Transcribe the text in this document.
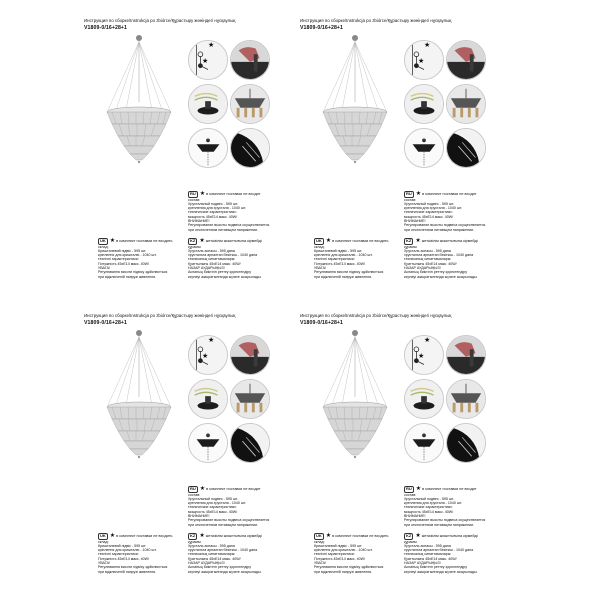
Инструкция по сборке/Instrukcja po zbiórce/Құрастыру жөніндегі нұсқаулық
V1809-0/16+28+1
★
★
RU ★в комплект поставки не входит
состав:
Хрустальный подвес - 595 шт.
крепления для хрусталя - 1040 шт.
технические характеристики:
мощность 45xE14 макс. 40W/
ВНИМАНИЕ!
Регулирование высоты подвеса осуществляется
при отключенном питающем напряжении.
UK ★в комплект поставки не входить
склад:
Кришталевий підвіс - 595 шт.
кріплення для кришталю - 1040 шт.
технічні характеристики:
Потужність 45xE14 макс. 40W/
УВАГА!
Регулювання висоти підвісу здійснюється
при відключеній напрузі живлення.
KZ ★жеткізілім жиынтығына кірмейді
құрамы:
Хрусталь аспасы - 595 дана
хрустальға арналған бекіткіш - 1040 дана
техникалық сипаттамалары:
Қуаттылығы 45xE14 макс. 40W/
НАЗАР АУДАРЫҢЫЗ!
Аспаның биіктігін реттеу қоректендіру
кернеуі ажыратылғанда жүзеге асырылады.
Инструкция по сборке/Instrukcja po zbiórce/Құрастыру жөніндегі нұсқаулық
V1809-0/16+28+1
★
★
RU ★в комплект поставки не входит
состав:
Хрустальный подвес - 595 шт.
крепления для хрусталя - 1040 шт.
технические характеристики:
мощность 45xE14 макс. 40W/
ВНИМАНИЕ!
Регулирование высоты подвеса осуществляется
при отключенном питающем напряжении.
UK ★в комплект поставки не входить
склад:
Кришталевий підвіс - 595 шт.
кріплення для кришталю - 1040 шт.
технічні характеристики:
Потужність 45xE14 макс. 40W/
УВАГА!
Регулювання висоти підвісу здійснюється
при відключеній напрузі живлення.
KZ ★жеткізілім жиынтығына кірмейді
құрамы:
Хрусталь аспасы - 595 дана
хрустальға арналған бекіткіш - 1040 дана
техникалық сипаттамалары:
Қуаттылығы 45xE14 макс. 40W/
НАЗАР АУДАРЫҢЫЗ!
Аспаның биіктігін реттеу қоректендіру
кернеуі ажыратылғанда жүзеге асырылады.
Инструкция по сборке/Instrukcja po zbiórce/Құрастыру жөніндегі нұсқаулық
V1809-0/16+28+1
★
★
RU ★в комплект поставки не входит
состав:
Хрустальный подвес - 595 шт.
крепления для хрусталя - 1040 шт.
технические характеристики:
мощность 45xE14 макс. 40W/
ВНИМАНИЕ!
Регулирование высоты подвеса осуществляется
при отключенном питающем напряжении.
UK ★в комплект поставки не входить
склад:
Кришталевий підвіс - 595 шт.
кріплення для кришталю - 1040 шт.
технічні характеристики:
Потужність 45xE14 макс. 40W/
УВАГА!
Регулювання висоти підвісу здійснюється
при відключеній напрузі живлення.
KZ ★жеткізілім жиынтығына кірмейді
құрамы:
Хрусталь аспасы - 595 дана
хрустальға арналған бекіткіш - 1040 дана
техникалық сипаттамалары:
Қуаттылығы 45xE14 макс. 40W/
НАЗАР АУДАРЫҢЫЗ!
Аспаның биіктігін реттеу қоректендіру
кернеуі ажыратылғанда жүзеге асырылады.
Инструкция по сборке/Instrukcja po zbiórce/Құрастыру жөніндегі нұсқаулық
V1809-0/16+28+1
★
★
RU ★в комплект поставки не входит
состав:
Хрустальный подвес - 595 шт.
крепления для хрусталя - 1040 шт.
технические характеристики:
мощность 45xE14 макс. 40W/
ВНИМАНИЕ!
Регулирование высоты подвеса осуществляется
при отключенном питающем напряжении.
UK ★в комплект поставки не входить
склад:
Кришталевий підвіс - 595 шт.
кріплення для кришталю - 1040 шт.
технічні характеристики:
Потужність 45xE14 макс. 40W/
УВАГА!
Регулювання висоти підвісу здійснюється
при відключеній напрузі живлення.
KZ ★жеткізілім жиынтығына кірмейді
құрамы:
Хрусталь аспасы - 595 дана
хрустальға арналған бекіткіш - 1040 дана
техникалық сипаттамалары:
Қуаттылығы 45xE14 макс. 40W/
НАЗАР АУДАРЫҢЫЗ!
Аспаның биіктігін реттеу қоректендіру
кернеуі ажыратылғанда жүзеге асырылады.
